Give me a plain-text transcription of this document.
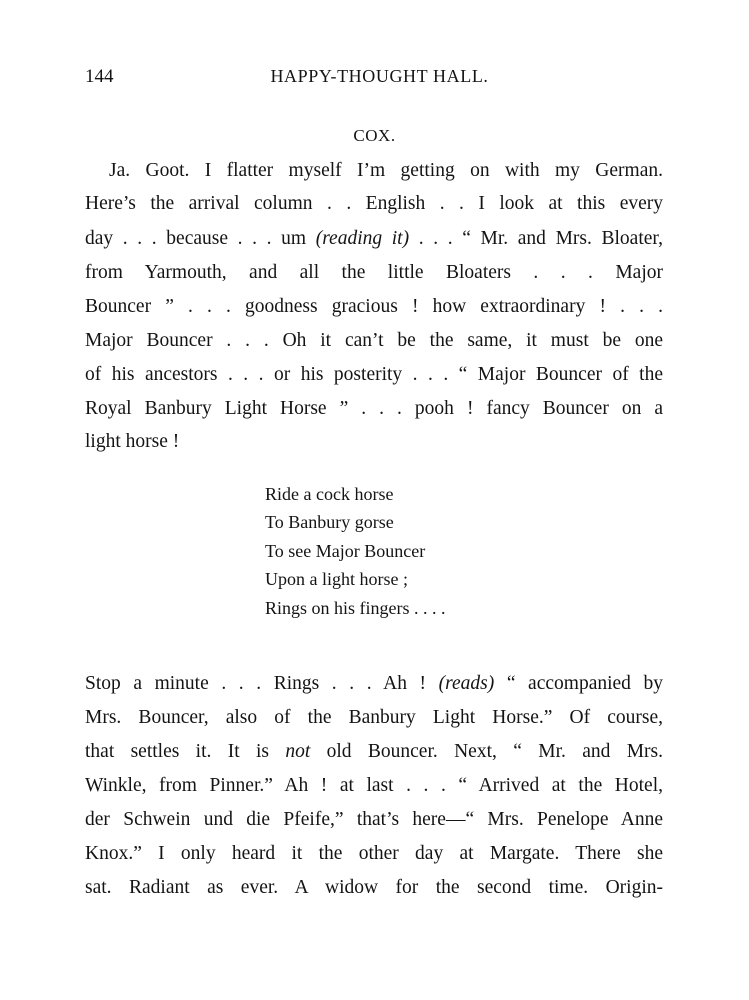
144	HAPPY-THOUGHT HALL.
COX.
Ja. Goot. I flatter myself I’m getting on with my German.
Here’s the arrival column . . English . . I look at this every
day . . . because . . . um (reading it) . . . “ Mr. and Mrs. Bloater,
from Yarmouth, and all the little Bloaters . . . Major
Bouncer ” . . . goodness gracious ! how extraordinary ! . . .
Major Bouncer . . . Oh it can’t be the same, it must be one
of his ancestors . . . or his posterity . . . “ Major Bouncer of the
Royal Banbury Light Horse ” . . . pooh ! fancy Bouncer on a
light horse !
Ride a cock horse
To Banbury gorse
To see Major Bouncer
Upon a light horse ;
Rings on his fingers . . . .
Stop a minute . . . Rings . . . Ah ! (reads) “ accompanied by
Mrs. Bouncer, also of the Banbury Light Horse.” Of course,
that settles it. It is not old Bouncer. Next, “ Mr. and Mrs.
Winkle, from Pinner.” Ah ! at last . . . “ Arrived at the Hotel,
der Schwein und die Pfeife,” that’s here—“ Mrs. Penelope Anne
Knox.” I only heard it the other day at Margate. There she
sat. Radiant as ever. A widow for the second time. Origin-
